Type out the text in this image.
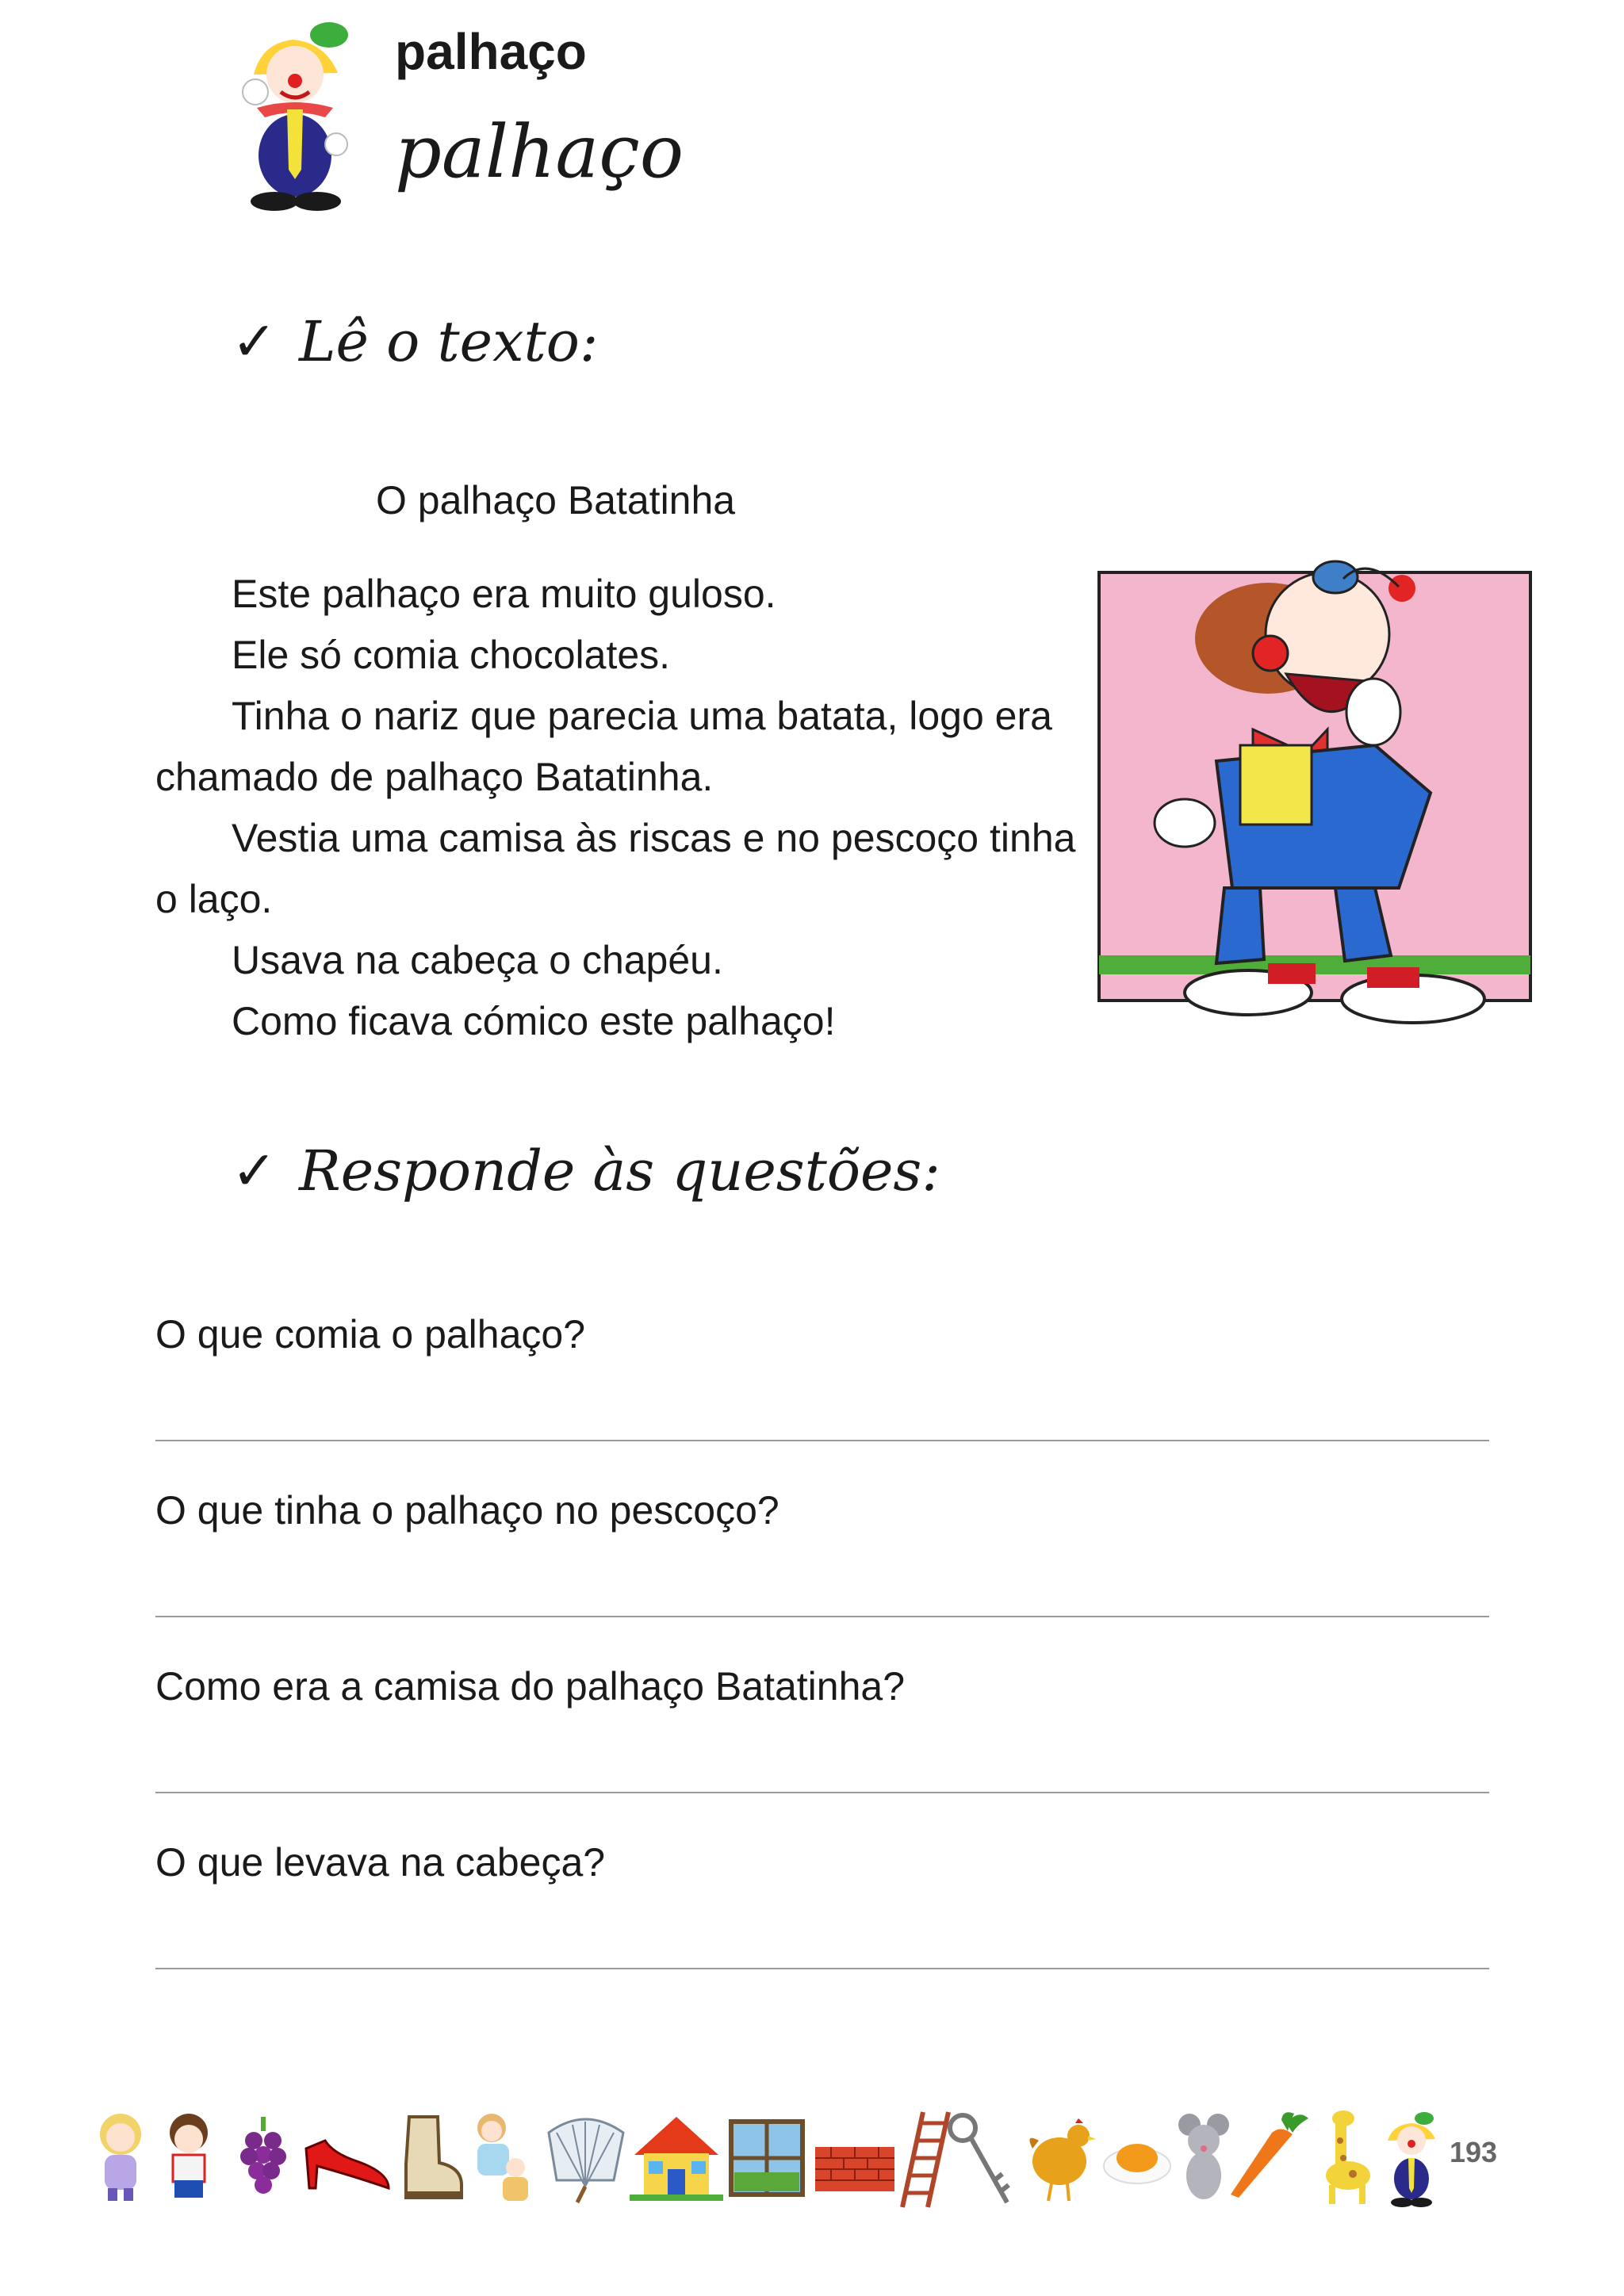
palhaço
palhaço
✓ Lê o texto:
O palhaço Batatinha
Este palhaço era muito guloso.
Ele só comia chocolates.
Tinha o nariz que parecia uma batata, logo era
chamado de palhaço Batatinha.
Vestia uma camisa às riscas e no pescoço tinha
o laço.
Usava na cabeça o chapéu.
Como ficava cómico este palhaço!
✓ Responde às questões:
O que comia o palhaço?
O que tinha o palhaço no pescoço?
Como era a camisa do palhaço Batatinha?
O que levava na cabeça?
193
